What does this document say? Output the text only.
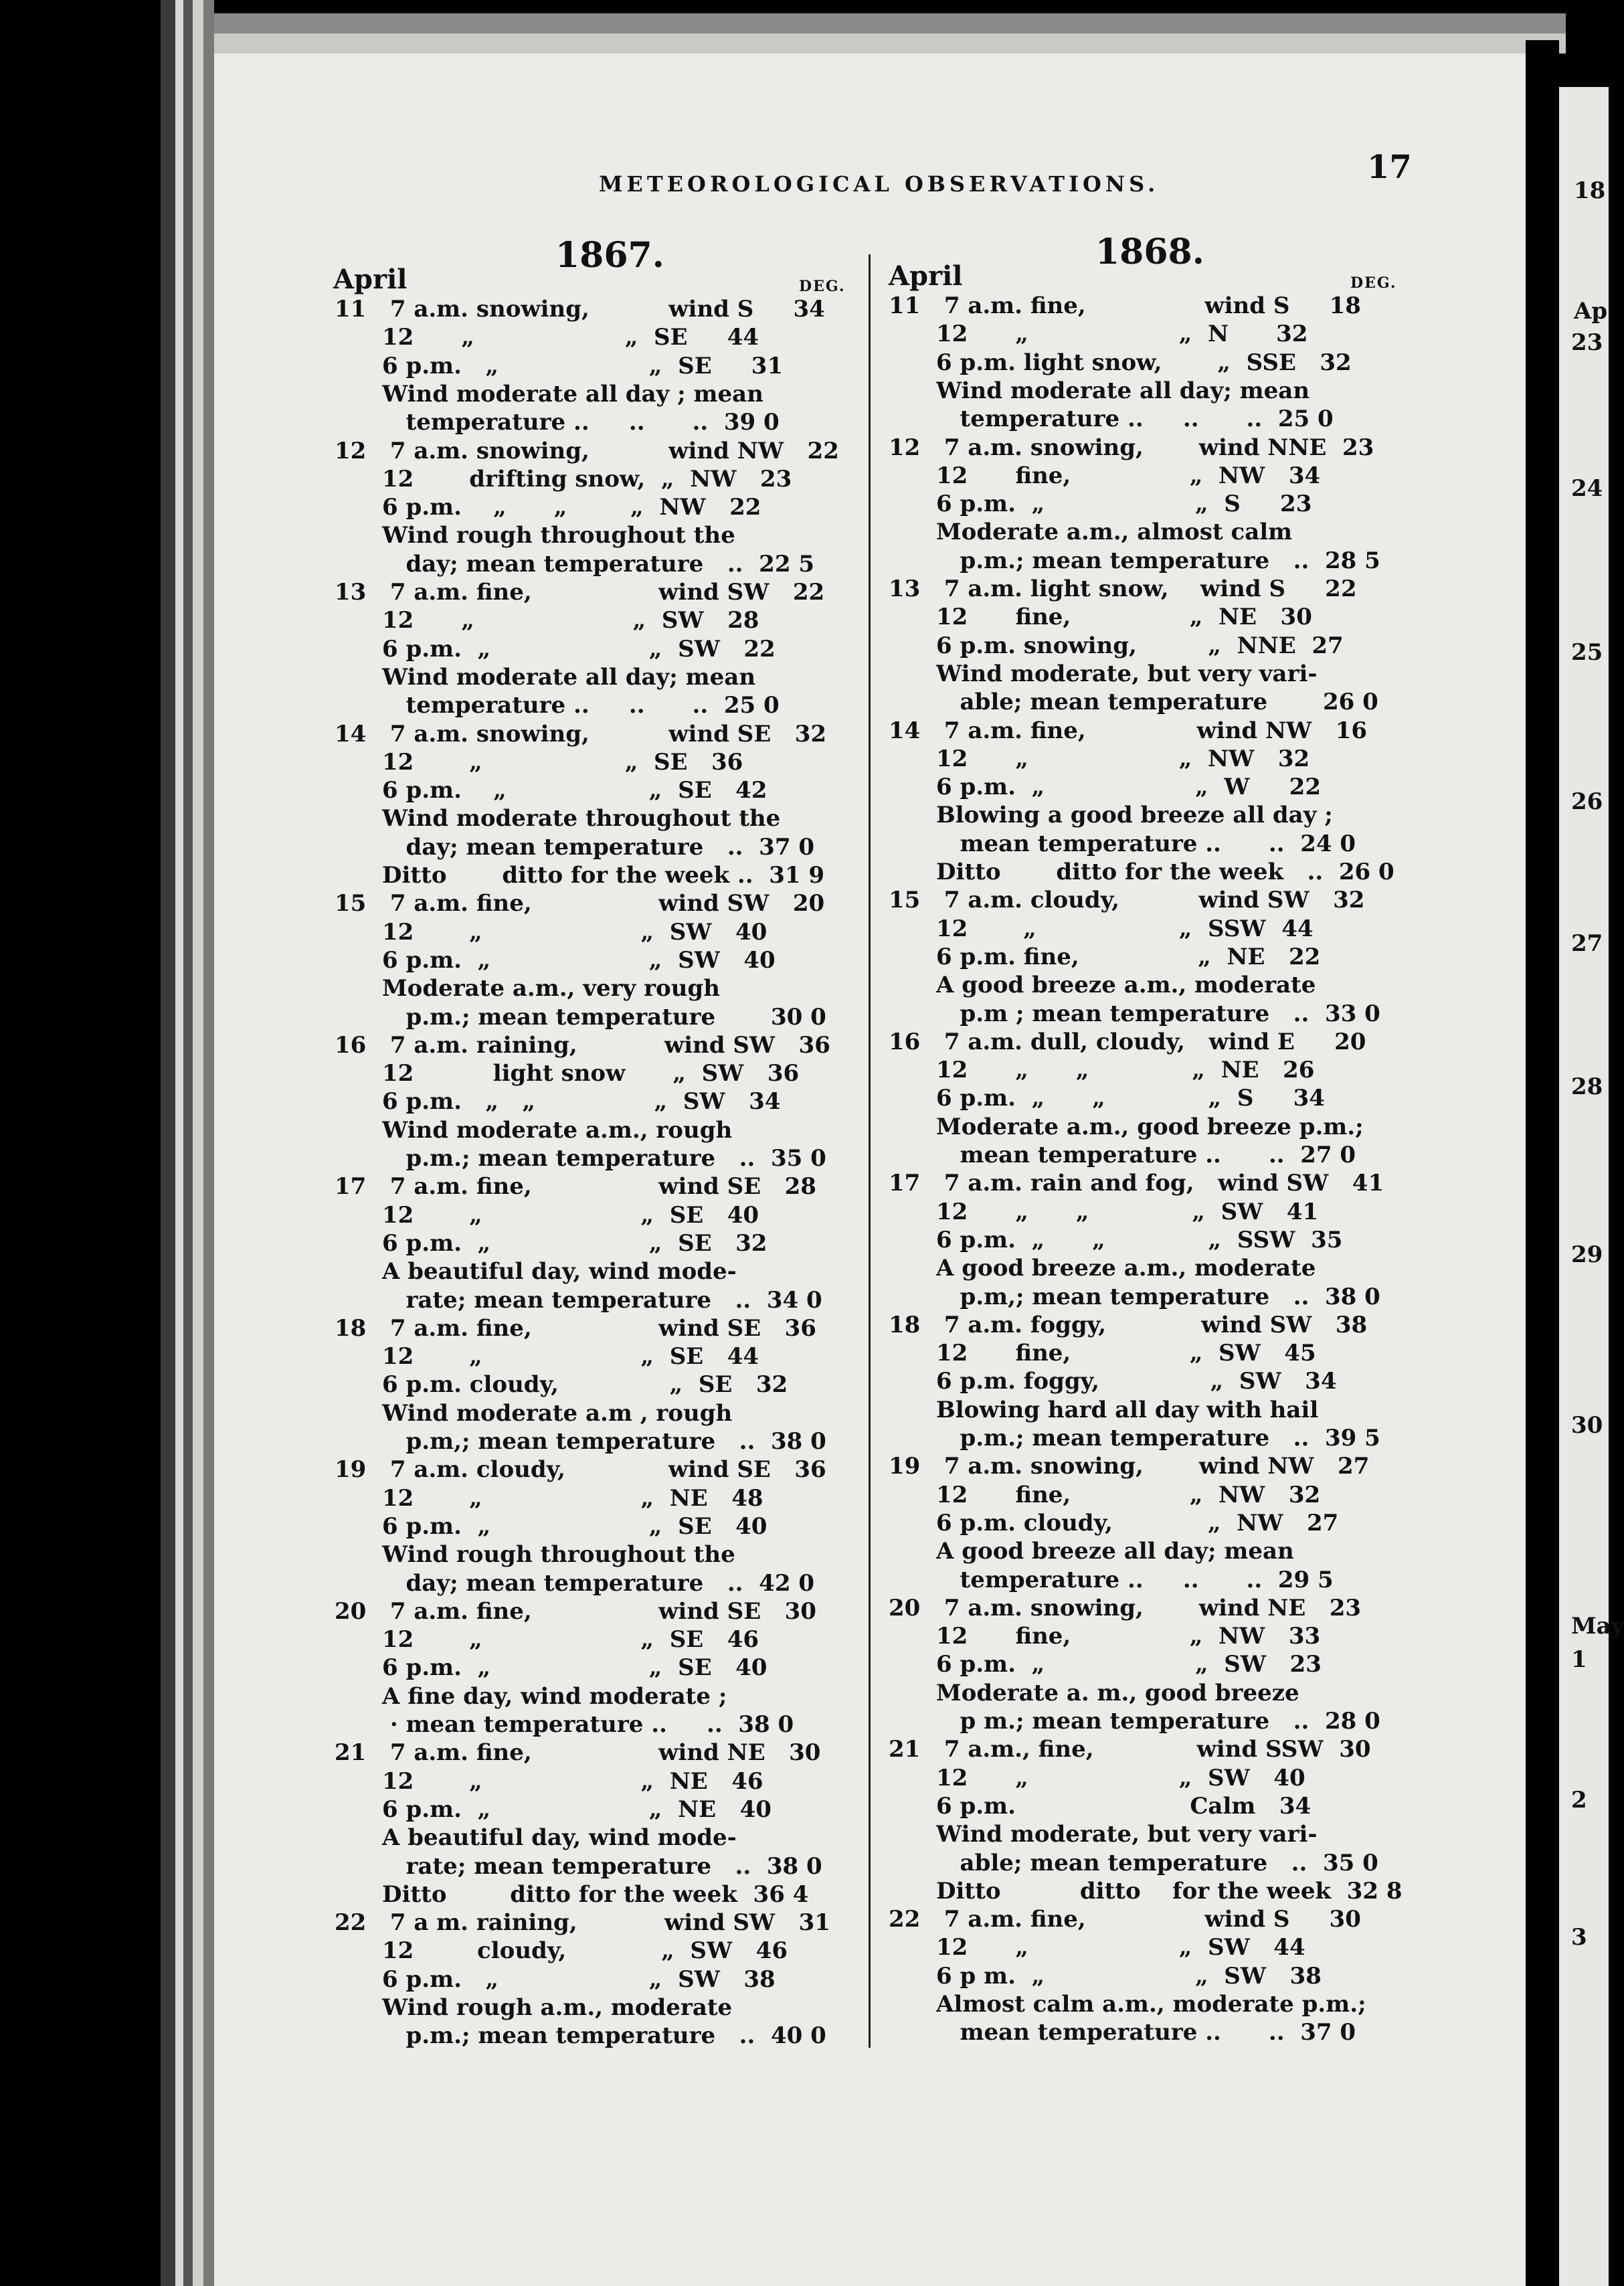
METEOROLOGICAL OBSERVATIONS.	17
1867.
April	DEG.
1868.
April	DEG.
11   7 a.m. snowing,          wind S     34
12      „                   „  SE     44
6 p.m.   „                   „  SE     31
Wind moderate all day ; mean
temperature ..     ..      ..  39 0
12   7 a.m. snowing,          wind NW   22
12       drifting snow,  „  NW   23
6 p.m.    „      „        „  NW   22
Wind rough throughout the
day; mean temperature   ..  22 5
13   7 a.m. fine,                wind SW   22
12      „                    „  SW   28
6 p.m.  „                    „  SW   22
Wind moderate all day; mean
temperature ..     ..      ..  25 0
14   7 a.m. snowing,          wind SE   32
12       „                  „  SE   36
6 p.m.    „                  „  SE   42
Wind moderate throughout the
day; mean temperature   ..  37 0
Ditto       ditto for the week ..  31 9
15   7 a.m. fine,                wind SW   20
12       „                    „  SW   40
6 p.m.  „                    „  SW   40
Moderate a.m., very rough
p.m.; mean temperature       30 0
16   7 a.m. raining,           wind SW   36
12          light snow      „  SW   36
6 p.m.   „   „               „  SW   34
Wind moderate a.m., rough
p.m.; mean temperature   ..  35 0
17   7 a.m. fine,                wind SE   28
12       „                    „  SE   40
6 p.m.  „                    „  SE   32
A beautiful day, wind mode-
rate; mean temperature   ..  34 0
18   7 a.m. fine,                wind SE   36
12       „                    „  SE   44
6 p.m. cloudy,              „  SE   32
Wind moderate a.m , rough
p.m,; mean temperature   ..  38 0
19   7 a.m. cloudy,             wind SE   36
12       „                    „  NE   48
6 p.m.  „                    „  SE   40
Wind rough throughout the
day; mean temperature   ..  42 0
20   7 a.m. fine,                wind SE   30
12       „                    „  SE   46
6 p.m.  „                    „  SE   40
A fine day, wind moderate ;
· mean temperature ..     ..  38 0
21   7 a.m. fine,                wind NE   30
12       „                    „  NE   46
6 p.m.  „                    „  NE   40
A beautiful day, wind mode-
rate; mean temperature   ..  38 0
Ditto        ditto for the week  36 4
22   7 a m. raining,           wind SW   31
12        cloudy,            „  SW   46
6 p.m.   „                   „  SW   38
Wind rough a.m., moderate
p.m.; mean temperature   ..  40 0
11   7 a.m. fine,               wind S     18
12      „                   „  N      32
6 p.m. light snow,       „  SSE   32
Wind moderate all day; mean
temperature ..     ..      ..  25 0
12   7 a.m. snowing,       wind NNE  23
12      fine,               „  NW   34
6 p.m.  „                   „  S     23
Moderate a.m., almost calm
p.m.; mean temperature   ..  28 5
13   7 a.m. light snow,    wind S     22
12      fine,               „  NE   30
6 p.m. snowing,         „  NNE  27
Wind moderate, but very vari-
able; mean temperature       26 0
14   7 a.m. fine,              wind NW   16
12      „                   „  NW   32
6 p.m.  „                   „  W     22
Blowing a good breeze all day ;
mean temperature ..      ..  24 0
Ditto       ditto for the week   ..  26 0
15   7 a.m. cloudy,          wind SW   32
12       „                  „  SSW  44
6 p.m. fine,               „  NE   22
A good breeze a.m., moderate
p.m ; mean temperature   ..  33 0
16   7 a.m. dull, cloudy,   wind E     20
12      „      „             „  NE   26
6 p.m.  „      „             „  S     34
Moderate a.m., good breeze p.m.;
mean temperature ..      ..  27 0
17   7 a.m. rain and fog,   wind SW   41
12      „      „             „  SW   41
6 p.m.  „      „             „  SSW  35
A good breeze a.m., moderate
p.m,; mean temperature   ..  38 0
18   7 a.m. foggy,            wind SW   38
12      fine,               „  SW   45
6 p.m. foggy,              „  SW   34
Blowing hard all day with hail
p.m.; mean temperature   ..  39 5
19   7 a.m. snowing,       wind NW   27
12      fine,               „  NW   32
6 p.m. cloudy,            „  NW   27
A good breeze all day; mean
temperature ..     ..      ..  29 5
20   7 a.m. snowing,       wind NE   23
12      fine,               „  NW   33
6 p.m.  „                   „  SW   23
Moderate a. m., good breeze
p m.; mean temperature   ..  28 0
21   7 a.m., fine,             wind SSW  30
12      „                   „  SW   40
6 p.m.                      Calm   34
Wind moderate, but very vari-
able; mean temperature   ..  35 0
Ditto          ditto    for the week  32 8
22   7 a.m. fine,               wind S     30
12      „                   „  SW   44
6 p m.  „                   „  SW   38
Almost calm a.m., moderate p.m.;
mean temperature ..      ..  37 0
18
Ap
23
24
25
26
27
28
29
30
May
1
2
3
